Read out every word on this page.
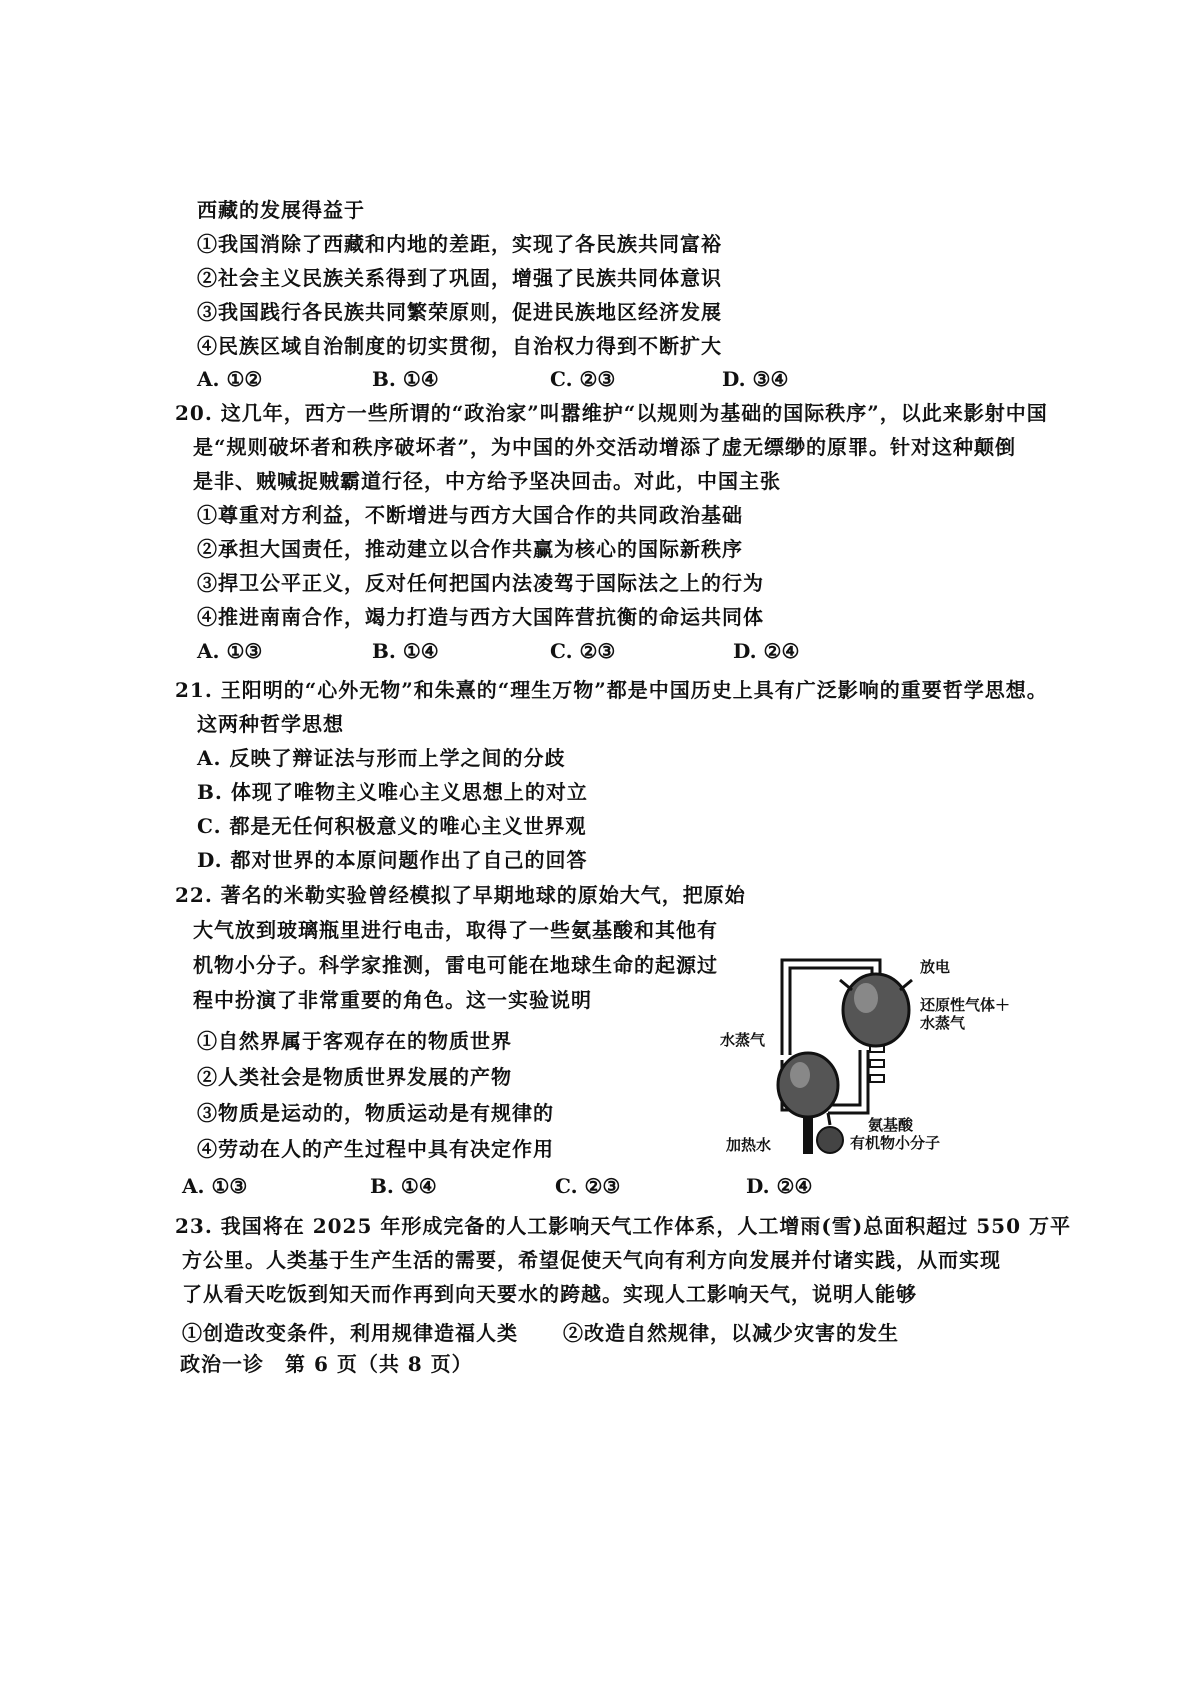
西藏的发展得益于
①我国消除了西藏和内地的差距，实现了各民族共同富裕
②社会主义民族关系得到了巩固，增强了民族共同体意识
③我国践行各民族共同繁荣原则，促进民族地区经济发展
④民族区域自治制度的切实贯彻，自治权力得到不断扩大
A. ①②	B. ①④	C. ②③	D. ③④
20. 这几年，西方一些所谓的“政治家”叫嚣维护“以规则为基础的国际秩序”，以此来影射中国
是“规则破坏者和秩序破坏者”，为中国的外交活动增添了虚无缥缈的原罪。针对这种颠倒
是非、贼喊捉贼霸道行径，中方给予坚决回击。对此，中国主张
①尊重对方利益，不断增进与西方大国合作的共同政治基础
②承担大国责任，推动建立以合作共赢为核心的国际新秩序
③捍卫公平正义，反对任何把国内法凌驾于国际法之上的行为
④推进南南合作，竭力打造与西方大国阵营抗衡的命运共同体
A. ①③	B. ①④	C. ②③	D. ②④
21. 王阳明的“心外无物”和朱熹的“理生万物”都是中国历史上具有广泛影响的重要哲学思想。
这两种哲学思想
A. 反映了辩证法与形而上学之间的分歧
B. 体现了唯物主义唯心主义思想上的对立
C. 都是无任何积极意义的唯心主义世界观
D. 都对世界的本原问题作出了自己的回答
22. 著名的米勒实验曾经模拟了早期地球的原始大气，把原始
大气放到玻璃瓶里进行电击，取得了一些氨基酸和其他有
机物小分子。科学家推测，雷电可能在地球生命的起源过
程中扮演了非常重要的角色。这一实验说明
①自然界属于客观存在的物质世界
②人类社会是物质世界发展的产物
③物质是运动的，物质运动是有规律的
④劳动在人的产生过程中具有决定作用
A. ①③	B. ①④	C. ②③	D. ②④
放电
还原性气体＋
水蒸气
水蒸气
加热水
氨基酸
有机物小分子
23. 我国将在 2025 年形成完备的人工影响天气工作体系，人工增雨(雪)总面积超过 550 万平
方公里。人类基于生产生活的需要，希望促使天气向有利方向发展并付诸实践，从而实现
了从看天吃饭到知天而作再到向天要水的跨越。实现人工影响天气，说明人能够
①创造改变条件，利用规律造福人类 ②改造自然规律，以减少灾害的发生
政治一诊　第 6 页（共 8 页）
